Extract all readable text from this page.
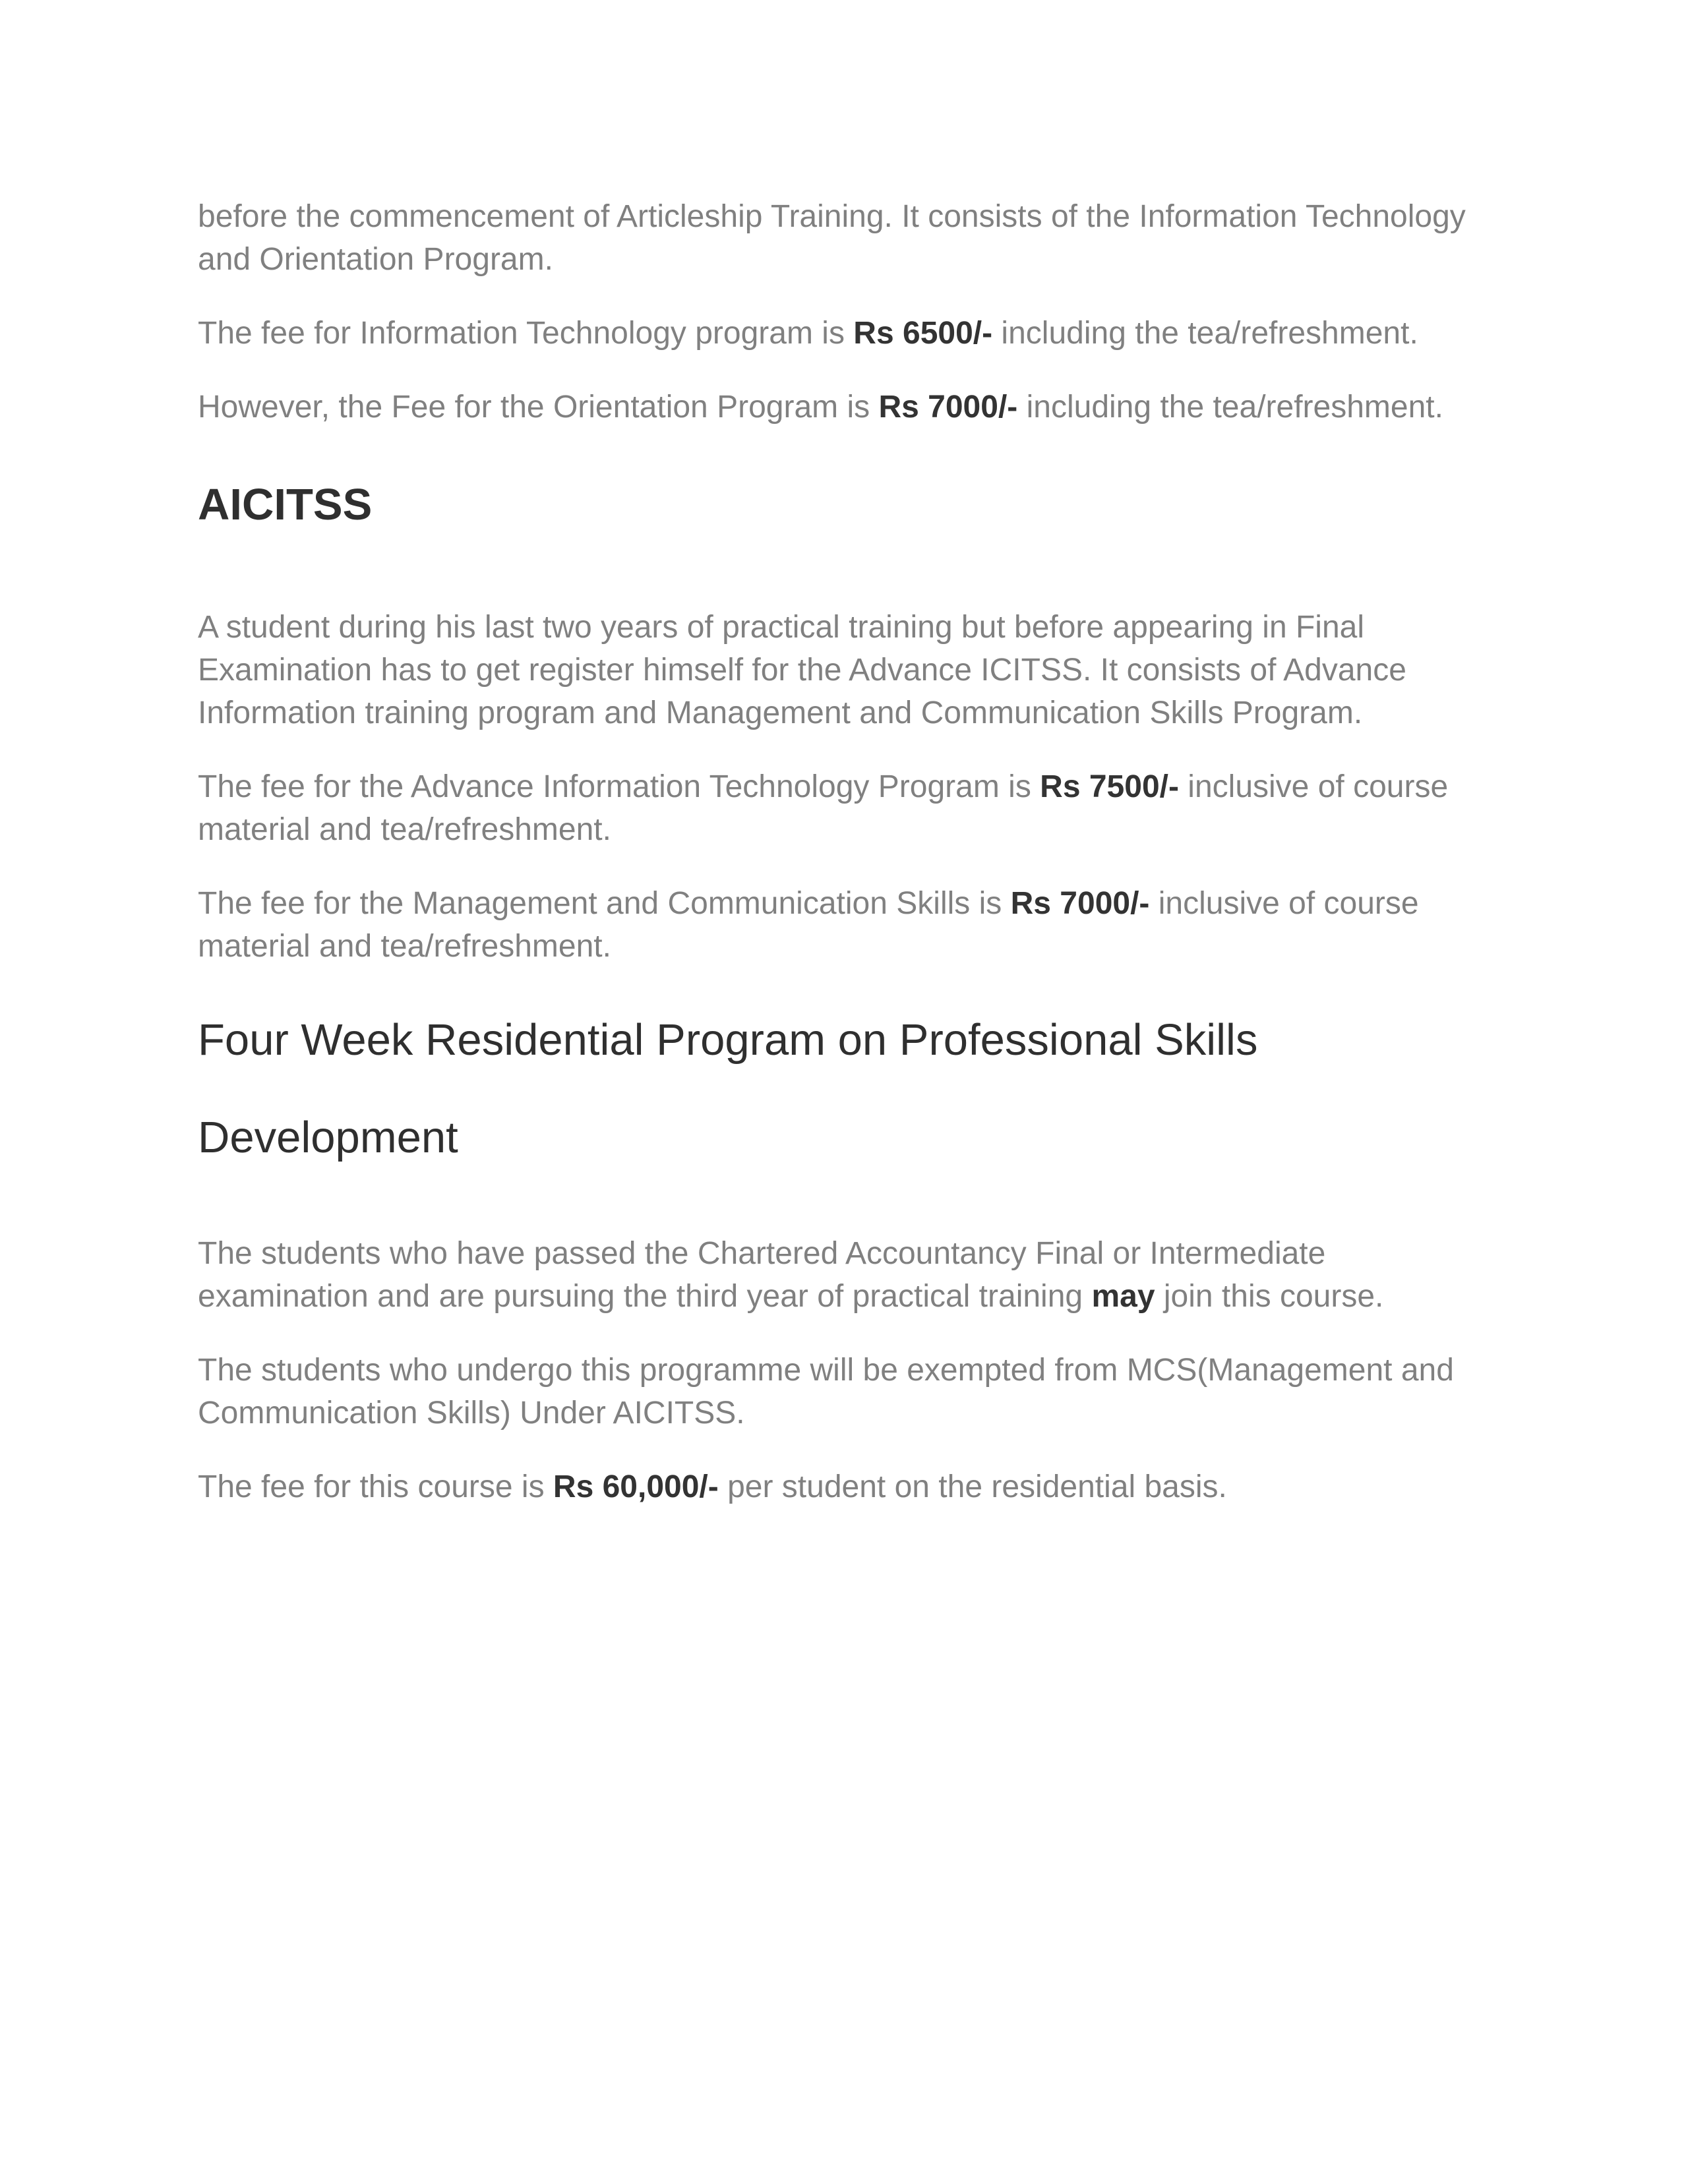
before the commencement of Articleship Training. It consists of the Information Technology and Orientation Program.

The fee for Information Technology program is Rs 6500/- including the tea/refreshment.

However, the Fee for the Orientation Program is Rs 7000/- including the tea/refreshment.

AICITSS

A student during his last two years of practical training but before appearing in Final Examination has to get register himself for the Advance ICITSS. It consists of Advance Information training program and Management and Communication Skills Program.

The fee for the Advance Information Technology Program is Rs 7500/- inclusive of course material and tea/refreshment.

The fee for the Management and Communication Skills is Rs 7000/- inclusive of course material and tea/refreshment.

Four Week Residential Program on Professional Skills
Development

The students who have passed the Chartered Accountancy Final or Intermediate examination and are pursuing the third year of practical training may join this course.

The students who undergo this programme will be exempted from MCS(Management and Communication Skills) Under AICITSS.

The fee for this course is Rs 60,000/- per student on the residential basis.
